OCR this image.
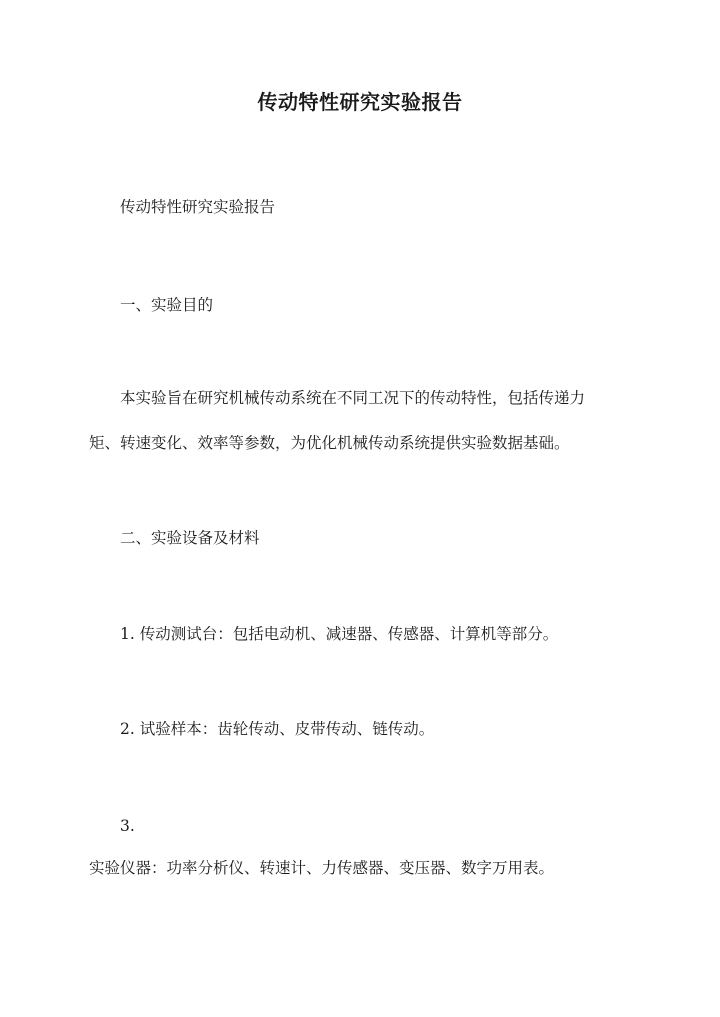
传动特性研究实验报告
传动特性研究实验报告
一、实验目的
本实验旨在研究机械传动系统在不同工况下的传动特性，包括传递力
矩、转速变化、效率等参数，为优化机械传动系统提供实验数据基础。
二、实验设备及材料
1. 传动测试台：包括电动机、减速器、传感器、计算机等部分。
2. 试验样本：齿轮传动、皮带传动、链传动。
3.
实验仪器：功率分析仪、转速计、力传感器、变压器、数字万用表。
